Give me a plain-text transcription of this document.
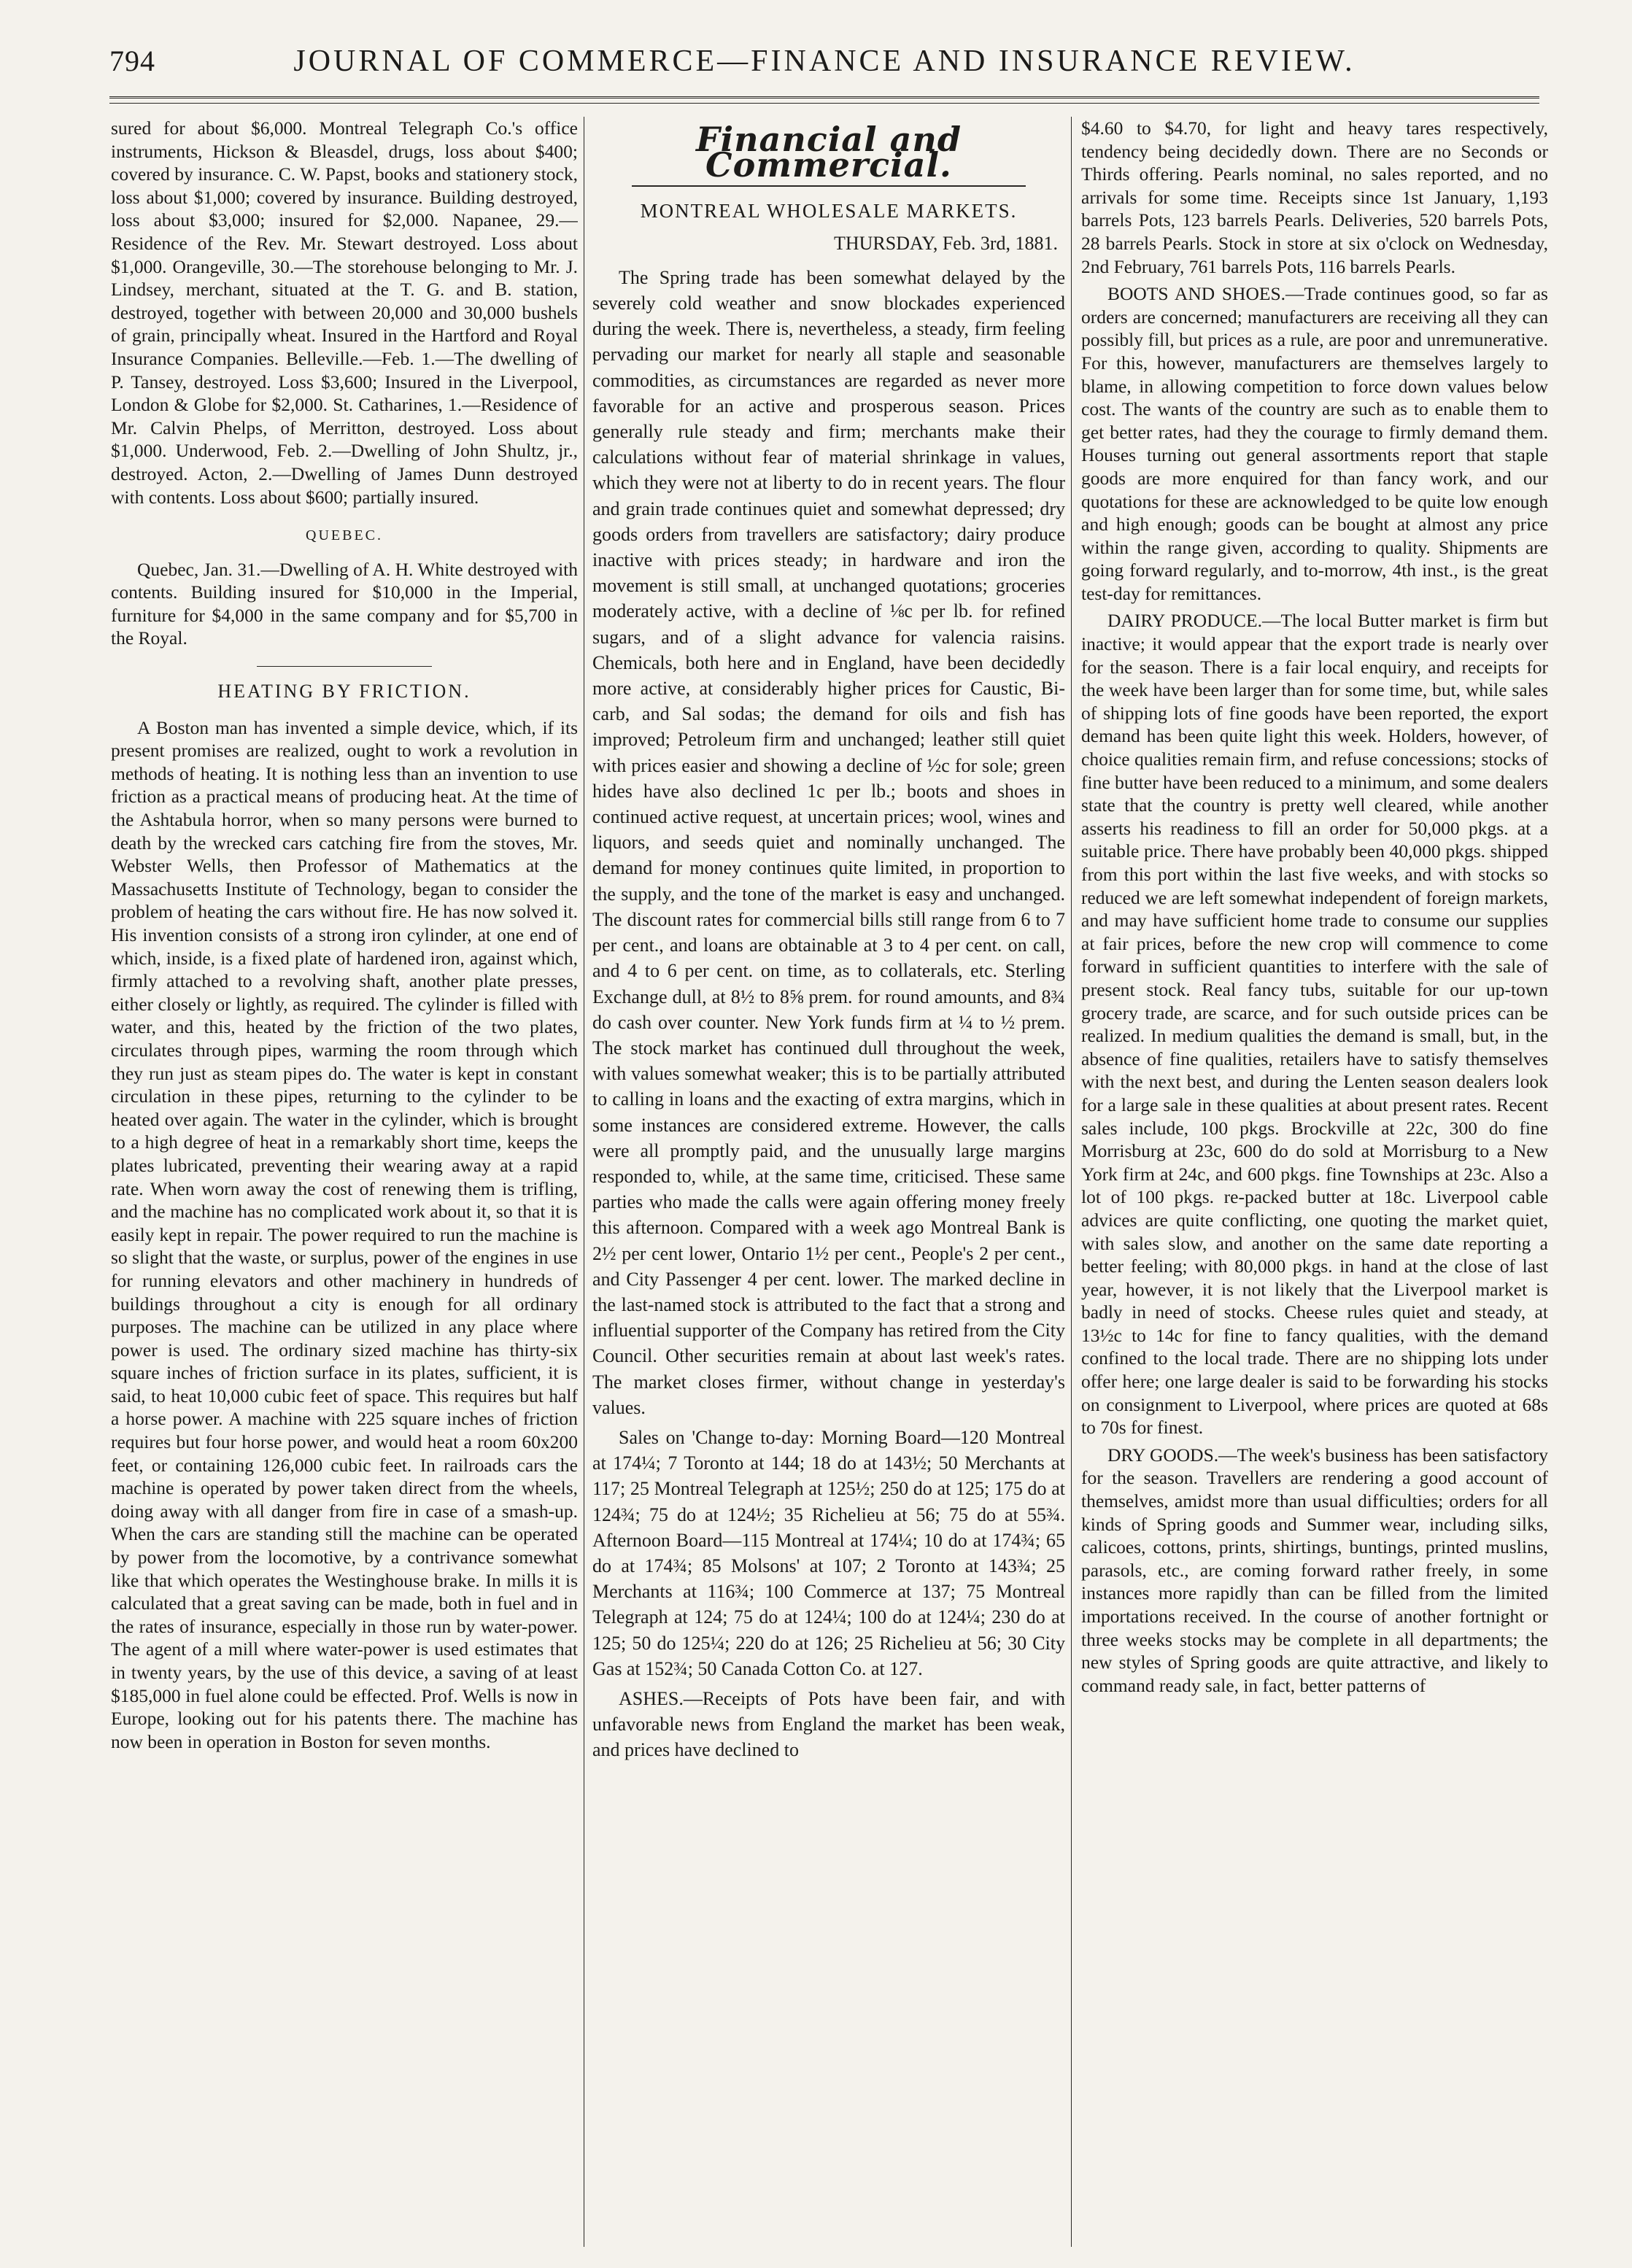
794	JOURNAL OF COMMERCE—FINANCE AND INSURANCE REVIEW.

sured for about $6,000. Montreal Telegraph Co.'s office instruments, Hickson & Bleasdel, drugs, loss about $400; covered by insurance. C. W. Papst, books and stationery stock, loss about $1,000; covered by insurance. Building destroyed, loss about $3,000; insured for $2,000. Napanee, 29.—Residence of the Rev. Mr. Stewart destroyed. Loss about $1,000. Orangeville, 30.—The storehouse belonging to Mr. J. Lindsey, merchant, situated at the T. G. and B. station, destroyed, together with between 20,000 and 30,000 bushels of grain, principally wheat. Insured in the Hartford and Royal Insurance Companies. Belleville.—Feb. 1.—The dwelling of P. Tansey, destroyed. Loss $3,600; Insured in the Liverpool, London & Globe for $2,000. St. Catharines, 1.—Residence of Mr. Calvin Phelps, of Merritton, destroyed. Loss about $1,000. Underwood, Feb. 2.—Dwelling of John Shultz, jr., destroyed. Acton, 2.—Dwelling of James Dunn destroyed with contents. Loss about $600; partially insured.

QUEBEC.

Quebec, Jan. 31.—Dwelling of A. H. White destroyed with contents. Building insured for $10,000 in the Imperial, furniture for $4,000 in the same company and for $5,700 in the Royal.

HEATING BY FRICTION.

A Boston man has invented a simple device, which, if its present promises are realized, ought to work a revolution in methods of heating. It is nothing less than an invention to use friction as a practical means of producing heat. At the time of the Ashtabula horror, when so many persons were burned to death by the wrecked cars catching fire from the stoves, Mr. Webster Wells, then Professor of Mathematics at the Massachusetts Institute of Technology, began to consider the problem of heating the cars without fire. He has now solved it. His invention consists of a strong iron cylinder, at one end of which, inside, is a fixed plate of hardened iron, against which, firmly attached to a revolving shaft, another plate presses, either closely or lightly, as required. The cylinder is filled with water, and this, heated by the friction of the two plates, circulates through pipes, warming the room through which they run just as steam pipes do. The water is kept in constant circulation in these pipes, returning to the cylinder to be heated over again. The water in the cylinder, which is brought to a high degree of heat in a remarkably short time, keeps the plates lubricated, preventing their wearing away at a rapid rate. When worn away the cost of renewing them is trifling, and the machine has no complicated work about it, so that it is easily kept in repair. The power required to run the machine is so slight that the waste, or surplus, power of the engines in use for running elevators and other machinery in hundreds of buildings throughout a city is enough for all ordinary purposes. The machine can be utilized in any place where power is used. The ordinary sized machine has thirty-six square inches of friction surface in its plates, sufficient, it is said, to heat 10,000 cubic feet of space. This requires but half a horse power. A machine with 225 square inches of friction requires but four horse power, and would heat a room 60x200 feet, or containing 126,000 cubic feet. In railroads cars the machine is operated by power taken direct from the wheels, doing away with all danger from fire in case of a smash-up. When the cars are standing still the machine can be operated by power from the locomotive, by a contrivance somewhat like that which operates the Westinghouse brake. In mills it is calculated that a great saving can be made, both in fuel and in the rates of insurance, especially in those run by water-power. The agent of a mill where water-power is used estimates that in twenty years, by the use of this device, a saving of at least $185,000 in fuel alone could be effected. Prof. Wells is now in Europe, looking out for his patents there. The machine has now been in operation in Boston for seven months.

Financial and Commercial.
MONTREAL WHOLESALE MARKETS.
THURSDAY, Feb. 3rd, 1881.

The Spring trade has been somewhat delayed by the severely cold weather and snow blockades experienced during the week. There is, nevertheless, a steady, firm feeling pervading our market for nearly all staple and seasonable commodities, as circumstances are regarded as never more favorable for an active and prosperous season. Prices generally rule steady and firm; merchants make their calculations without fear of material shrinkage in values, which they were not at liberty to do in recent years. The flour and grain trade continues quiet and somewhat depressed; dry goods orders from travellers are satisfactory; dairy produce inactive with prices steady; in hardware and iron the movement is still small, at unchanged quotations; groceries moderately active, with a decline of ⅛c per lb. for refined sugars, and of a slight advance for valencia raisins. Chemicals, both here and in England, have been decidedly more active, at considerably higher prices for Caustic, Bi-carb, and Sal sodas; the demand for oils and fish has improved; Petroleum firm and unchanged; leather still quiet with prices easier and showing a decline of ½c for sole; green hides have also declined 1c per lb.; boots and shoes in continued active request, at uncertain prices; wool, wines and liquors, and seeds quiet and nominally unchanged. The demand for money continues quite limited, in proportion to the supply, and the tone of the market is easy and unchanged. The discount rates for commercial bills still range from 6 to 7 per cent., and loans are obtainable at 3 to 4 per cent. on call, and 4 to 6 per cent. on time, as to collaterals, etc. Sterling Exchange dull, at 8½ to 8⅝ prem. for round amounts, and 8¾ do cash over counter. New York funds firm at ¼ to ½ prem. The stock market has continued dull throughout the week, with values somewhat weaker; this is to be partially attributed to calling in loans and the exacting of extra margins, which in some instances are considered extreme. However, the calls were all promptly paid, and the unusually large margins responded to, while, at the same time, criticised. These same parties who made the calls were again offering money freely this afternoon. Compared with a week ago Montreal Bank is 2½ per cent lower, Ontario 1½ per cent., People's 2 per cent., and City Passenger 4 per cent. lower. The marked decline in the last-named stock is attributed to the fact that a strong and influential supporter of the Company has retired from the City Council. Other securities remain at about last week's rates. The market closes firmer, without change in yesterday's values.

Sales on 'Change to-day: Morning Board—120 Montreal at 174¼; 7 Toronto at 144; 18 do at 143½; 50 Merchants at 117; 25 Montreal Telegraph at 125½; 250 do at 125; 175 do at 124¾; 75 do at 124½; 35 Richelieu at 56; 75 do at 55¾. Afternoon Board—115 Montreal at 174¼; 10 do at 174¾; 65 do at 174¾; 85 Molsons' at 107; 2 Toronto at 143¾; 25 Merchants at 116¾; 100 Commerce at 137; 75 Montreal Telegraph at 124; 75 do at 124¼; 100 do at 124¼; 230 do at 125; 50 do 125¼; 220 do at 126; 25 Richelieu at 56; 30 City Gas at 152¾; 50 Canada Cotton Co. at 127.

ASHES.—Receipts of Pots have been fair, and with unfavorable news from England the market has been weak, and prices have declined to

$4.60 to $4.70, for light and heavy tares respectively, tendency being decidedly down. There are no Seconds or Thirds offering. Pearls nominal, no sales reported, and no arrivals for some time. Receipts since 1st January, 1,193 barrels Pots, 123 barrels Pearls. Deliveries, 520 barrels Pots, 28 barrels Pearls. Stock in store at six o'clock on Wednesday, 2nd February, 761 barrels Pots, 116 barrels Pearls.

BOOTS AND SHOES.—Trade continues good, so far as orders are concerned; manufacturers are receiving all they can possibly fill, but prices as a rule, are poor and unremunerative. For this, however, manufacturers are themselves largely to blame, in allowing competition to force down values below cost. The wants of the country are such as to enable them to get better rates, had they the courage to firmly demand them. Houses turning out general assortments report that staple goods are more enquired for than fancy work, and our quotations for these are acknowledged to be quite low enough and high enough; goods can be bought at almost any price within the range given, according to quality. Shipments are going forward regularly, and to-morrow, 4th inst., is the great test-day for remittances.

DAIRY PRODUCE.—The local Butter market is firm but inactive; it would appear that the export trade is nearly over for the season. There is a fair local enquiry, and receipts for the week have been larger than for some time, but, while sales of shipping lots of fine goods have been reported, the export demand has been quite light this week. Holders, however, of choice qualities remain firm, and refuse concessions; stocks of fine butter have been reduced to a minimum, and some dealers state that the country is pretty well cleared, while another asserts his readiness to fill an order for 50,000 pkgs. at a suitable price. There have probably been 40,000 pkgs. shipped from this port within the last five weeks, and with stocks so reduced we are left somewhat independent of foreign markets, and may have sufficient home trade to consume our supplies at fair prices, before the new crop will commence to come forward in sufficient quantities to interfere with the sale of present stock. Real fancy tubs, suitable for our up-town grocery trade, are scarce, and for such outside prices can be realized. In medium qualities the demand is small, but, in the absence of fine qualities, retailers have to satisfy themselves with the next best, and during the Lenten season dealers look for a large sale in these qualities at about present rates. Recent sales include, 100 pkgs. Brockville at 22c, 300 do fine Morrisburg at 23c, 600 do do sold at Morrisburg to a New York firm at 24c, and 600 pkgs. fine Townships at 23c. Also a lot of 100 pkgs. re-packed butter at 18c. Liverpool cable advices are quite conflicting, one quoting the market quiet, with sales slow, and another on the same date reporting a better feeling; with 80,000 pkgs. in hand at the close of last year, however, it is not likely that the Liverpool market is badly in need of stocks. Cheese rules quiet and steady, at 13½c to 14c for fine to fancy qualities, with the demand confined to the local trade. There are no shipping lots under offer here; one large dealer is said to be forwarding his stocks on consignment to Liverpool, where prices are quoted at 68s to 70s for finest.

DRY GOODS.—The week's business has been satisfactory for the season. Travellers are rendering a good account of themselves, amidst more than usual difficulties; orders for all kinds of Spring goods and Summer wear, including silks, calicoes, cottons, prints, shirtings, buntings, printed muslins, parasols, etc., are coming forward rather freely, in some instances more rapidly than can be filled from the limited importations received. In the course of another fortnight or three weeks stocks may be complete in all departments; the new styles of Spring goods are quite attractive, and likely to command ready sale, in fact, better patterns of
